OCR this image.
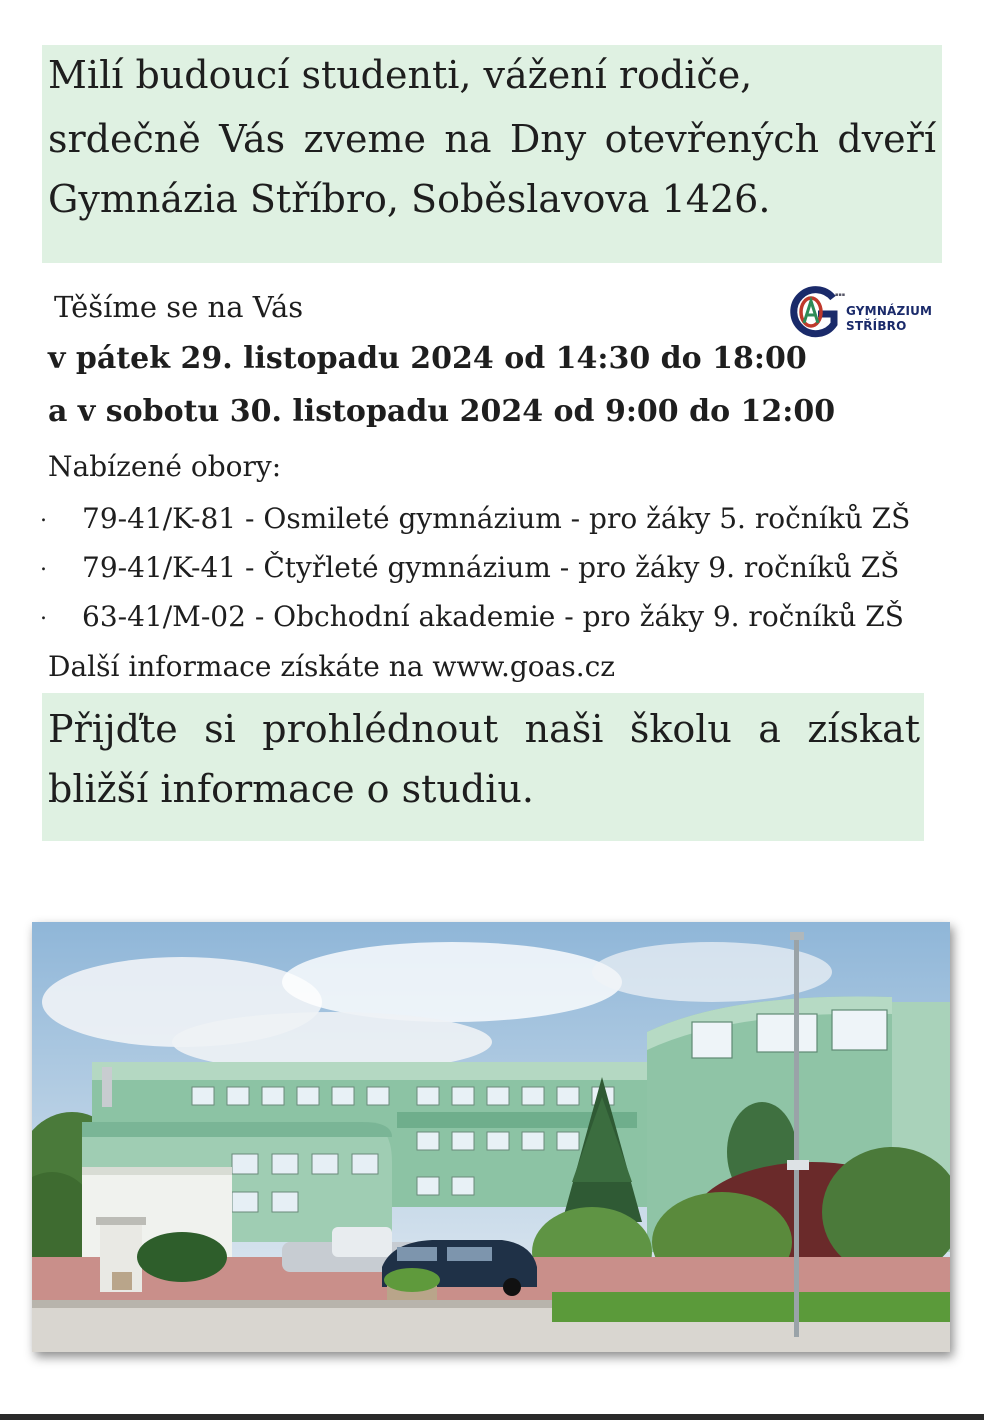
Milí budoucí studenti, vážení rodiče,
srdečně Vás zveme na Dny otevřených dveří
Gymnázia Stříbro, Soběslavova 1426.
▪▪▪
GYMNÁZIUM
STŘÍBRO
Těšíme se na Vás
v pátek 29. listopadu 2024 od 14:30 do 18:00
a v sobotu 30. listopadu 2024 od 9:00 do 12:00
Nabízené obory:
. 79-41/K-81 - Osmileté gymnázium - pro žáky 5. ročníků ZŠ
. 79-41/K-41 - Čtyřleté gymnázium - pro žáky 9. ročníků ZŠ
. 63-41/M-02 - Obchodní akademie - pro žáky 9. ročníků ZŠ
Další informace získáte na www.goas.cz
Přijďte si prohlédnout naši školu a získat
bližší informace o studiu.
